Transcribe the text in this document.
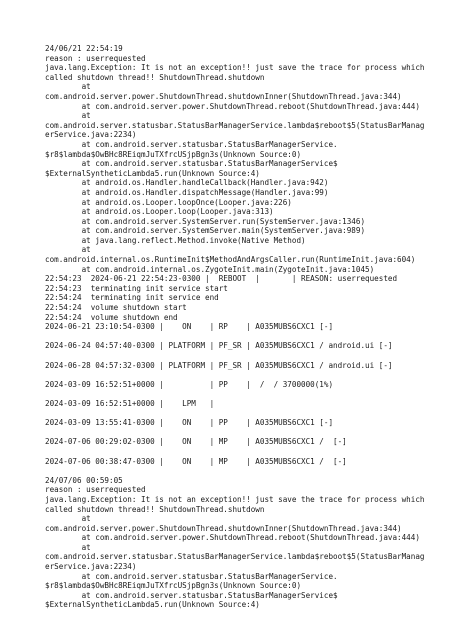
24/06/21 22:54:19
reason : userrequested
java.lang.Exception: It is not an exception!! just save the trace for process which
called shutdown thread!! ShutdownThread.shutdown
at
com.android.server.power.ShutdownThread.shutdownInner(ShutdownThread.java:344)
at com.android.server.power.ShutdownThread.reboot(ShutdownThread.java:444)
at
com.android.server.statusbar.StatusBarManagerService.lambda$reboot$5(StatusBarManag
erService.java:2234)
at com.android.server.statusbar.StatusBarManagerService.
$r8$lambda$OwBHc8REiqmJuTXfrcUSjpBgn3s(Unknown Source:0)
at com.android.server.statusbar.StatusBarManagerService$
$ExternalSyntheticLambda5.run(Unknown Source:4)
at android.os.Handler.handleCallback(Handler.java:942)
at android.os.Handler.dispatchMessage(Handler.java:99)
at android.os.Looper.loopOnce(Looper.java:226)
at android.os.Looper.loop(Looper.java:313)
at com.android.server.SystemServer.run(SystemServer.java:1346)
at com.android.server.SystemServer.main(SystemServer.java:989)
at java.lang.reflect.Method.invoke(Native Method)
at
com.android.internal.os.RuntimeInit$MethodAndArgsCaller.run(RuntimeInit.java:604)
at com.android.internal.os.ZygoteInit.main(ZygoteInit.java:1045)
22:54:23  2024-06-21 22:54:23-0300 |  REBOOT  |       | REASON: userrequested
22:54:23  terminating init service start
22:54:24  terminating init service end
22:54:24  volume shutdown start
22:54:24  volume shutdown end
2024-06-21 23:10:54-0300 |    ON    | RP    | A035MUBS6CXC1 [-]
2024-06-24 04:57:40-0300 | PLATFORM | PF_SR | A035MUBS6CXC1 / android.ui [-]
2024-06-28 04:57:32-0300 | PLATFORM | PF_SR | A035MUBS6CXC1 / android.ui [-]
2024-03-09 16:52:51+0000 |          | PP    |  /  / 3700000(1%)
2024-03-09 16:52:51+0000 |    LPM   |
2024-03-09 13:55:41-0300 |    ON    | PP    | A035MUBS6CXC1 [-]
2024-07-06 00:29:02-0300 |    ON    | MP    | A035MUBS6CXC1 /  [-]
2024-07-06 00:38:47-0300 |    ON    | MP    | A035MUBS6CXC1 /  [-]
24/07/06 00:59:05
reason : userrequested
java.lang.Exception: It is not an exception!! just save the trace for process which
called shutdown thread!! ShutdownThread.shutdown
at
com.android.server.power.ShutdownThread.shutdownInner(ShutdownThread.java:344)
at com.android.server.power.ShutdownThread.reboot(ShutdownThread.java:444)
at
com.android.server.statusbar.StatusBarManagerService.lambda$reboot$5(StatusBarManag
erService.java:2234)
at com.android.server.statusbar.StatusBarManagerService.
$r8$lambda$OwBHc8REiqmJuTXfrcUSjpBgn3s(Unknown Source:0)
at com.android.server.statusbar.StatusBarManagerService$
$ExternalSyntheticLambda5.run(Unknown Source:4)
